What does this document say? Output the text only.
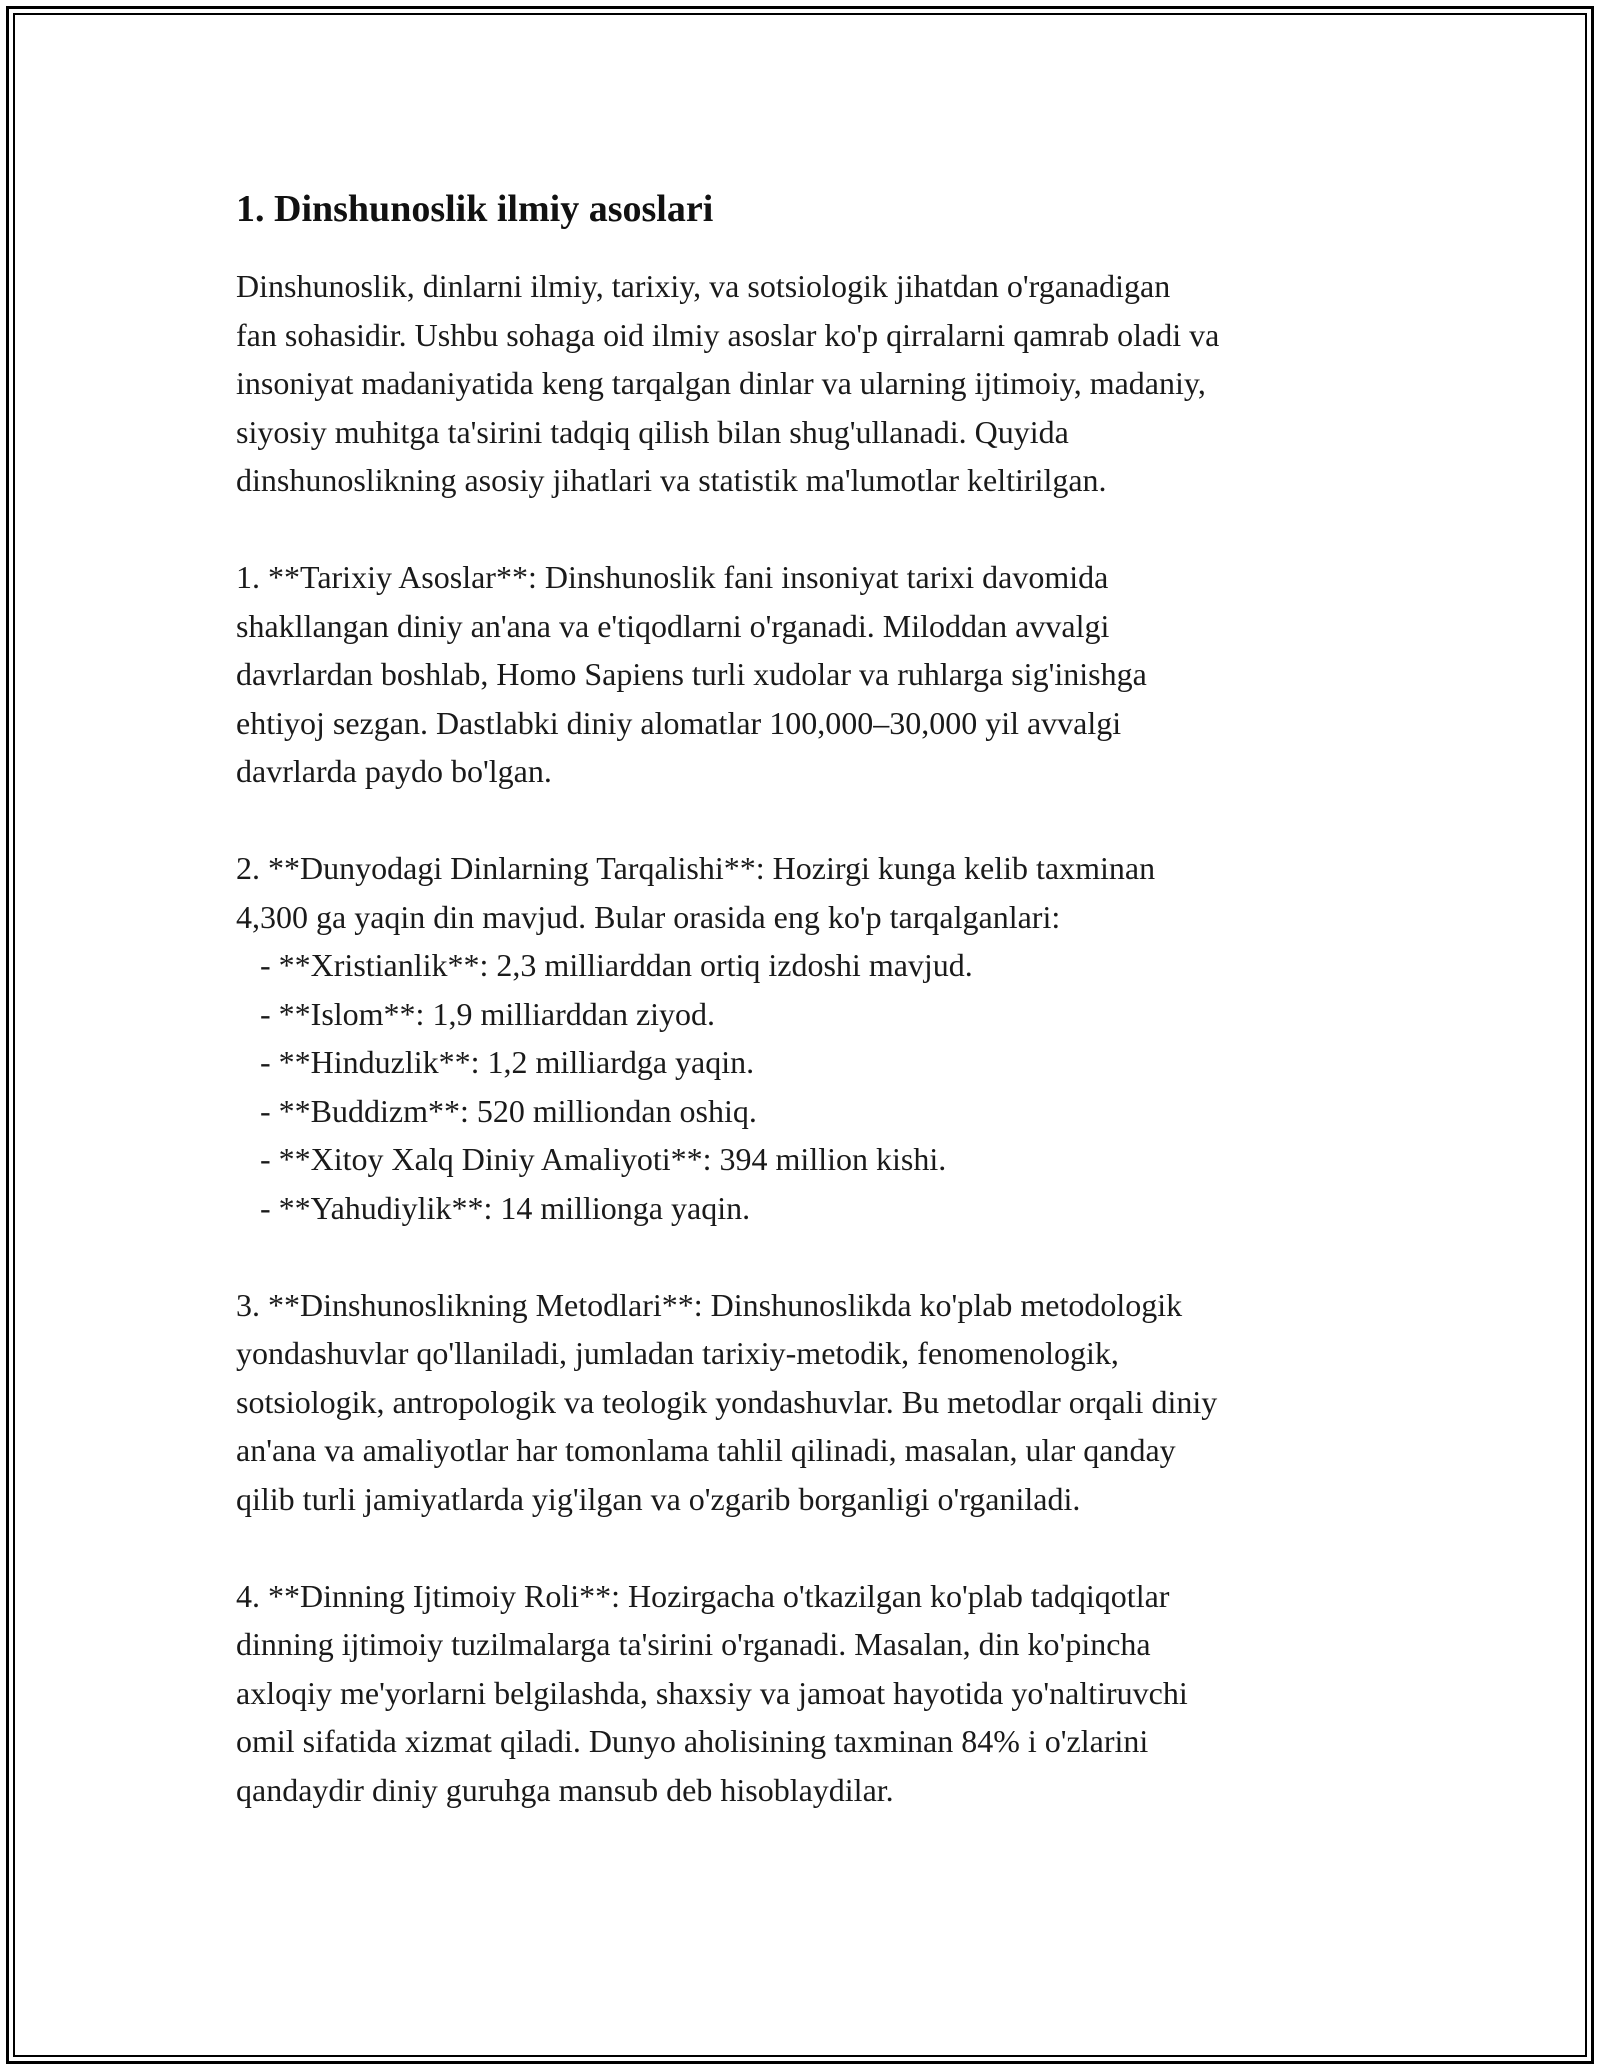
1. Dinshunoslik ilmiy asoslari
Dinshunoslik, dinlarni ilmiy, tarixiy, va sotsiologik jihatdan o'rganadigan
fan sohasidir. Ushbu sohaga oid ilmiy asoslar ko'p qirralarni qamrab oladi va
insoniyat madaniyatida keng tarqalgan dinlar va ularning ijtimoiy, madaniy,
siyosiy muhitga ta'sirini tadqiq qilish bilan shug'ullanadi. Quyida
dinshunoslikning asosiy jihatlari va statistik ma'lumotlar keltirilgan.
1. **Tarixiy Asoslar**: Dinshunoslik fani insoniyat tarixi davomida
shakllangan diniy an'ana va e'tiqodlarni o'rganadi. Miloddan avvalgi
davrlardan boshlab, Homo Sapiens turli xudolar va ruhlarga sig'inishga
ehtiyoj sezgan. Dastlabki diniy alomatlar 100,000–30,000 yil avvalgi
davrlarda paydo bo'lgan.
2. **Dunyodagi Dinlarning Tarqalishi**: Hozirgi kunga kelib taxminan
4,300 ga yaqin din mavjud. Bular orasida eng ko'p tarqalganlari:
- **Xristianlik**: 2,3 milliarddan ortiq izdoshi mavjud.
- **Islom**: 1,9 milliarddan ziyod.
- **Hinduzlik**: 1,2 milliardga yaqin.
- **Buddizm**: 520 milliondan oshiq.
- **Xitoy Xalq Diniy Amaliyoti**: 394 million kishi.
- **Yahudiylik**: 14 millionga yaqin.
3. **Dinshunoslikning Metodlari**: Dinshunoslikda ko'plab metodologik
yondashuvlar qo'llaniladi, jumladan tarixiy-metodik, fenomenologik,
sotsiologik, antropologik va teologik yondashuvlar. Bu metodlar orqali diniy
an'ana va amaliyotlar har tomonlama tahlil qilinadi, masalan, ular qanday
qilib turli jamiyatlarda yig'ilgan va o'zgarib borganligi o'rganiladi.
4. **Dinning Ijtimoiy Roli**: Hozirgacha o'tkazilgan ko'plab tadqiqotlar
dinning ijtimoiy tuzilmalarga ta'sirini o'rganadi. Masalan, din ko'pincha
axloqiy me'yorlarni belgilashda, shaxsiy va jamoat hayotida yo'naltiruvchi
omil sifatida xizmat qiladi. Dunyo aholisining taxminan 84% i o'zlarini
qandaydir diniy guruhga mansub deb hisoblaydilar.
